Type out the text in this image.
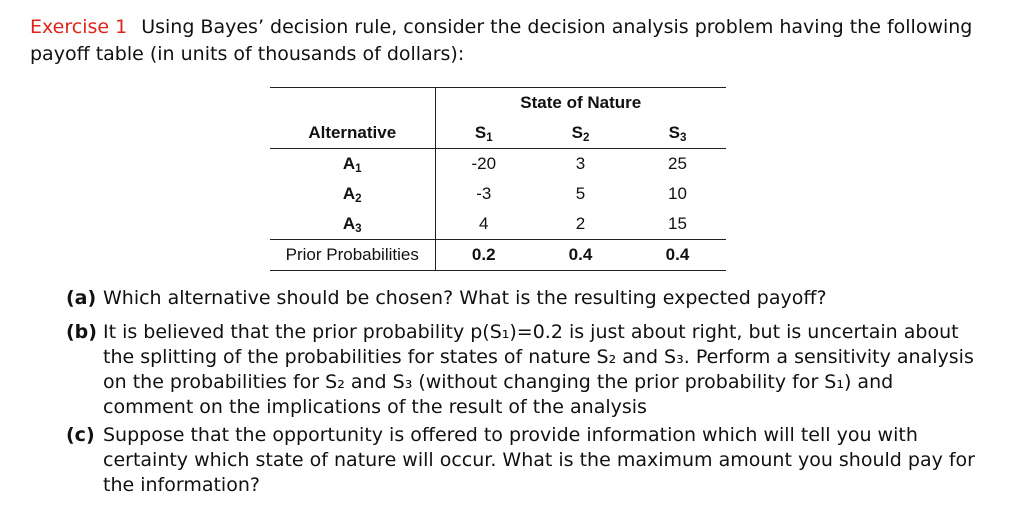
Exercise 1 Using Bayes’ decision rule, consider the decision analysis problem having the following payoff table (in units of thousands of dollars):

	State of Nature		
Alternative	$S_1$	$S_2$	$S_3$
$A_1$	-20	3	25
$A_2$	-3	5	10
$A_3$	4	2	15
Prior Probabilities	0.2	0.4	0.4
(a) Which alternative should be chosen? What is the resulting expected payoff?
(b) It is believed that the prior probability p(S₁)=0.2 is just about right, but is uncertain about the splitting of the probabilities for states of nature S₂ and S₃. Perform a sensitivity analysis on the probabilities for S₂ and S₃ (without changing the prior probability for S₁) and comment on the implications of the result of the analysis
(c) Suppose that the opportunity is offered to provide information which will tell you with certainty which state of nature will occur. What is the maximum amount you should pay for the information?
